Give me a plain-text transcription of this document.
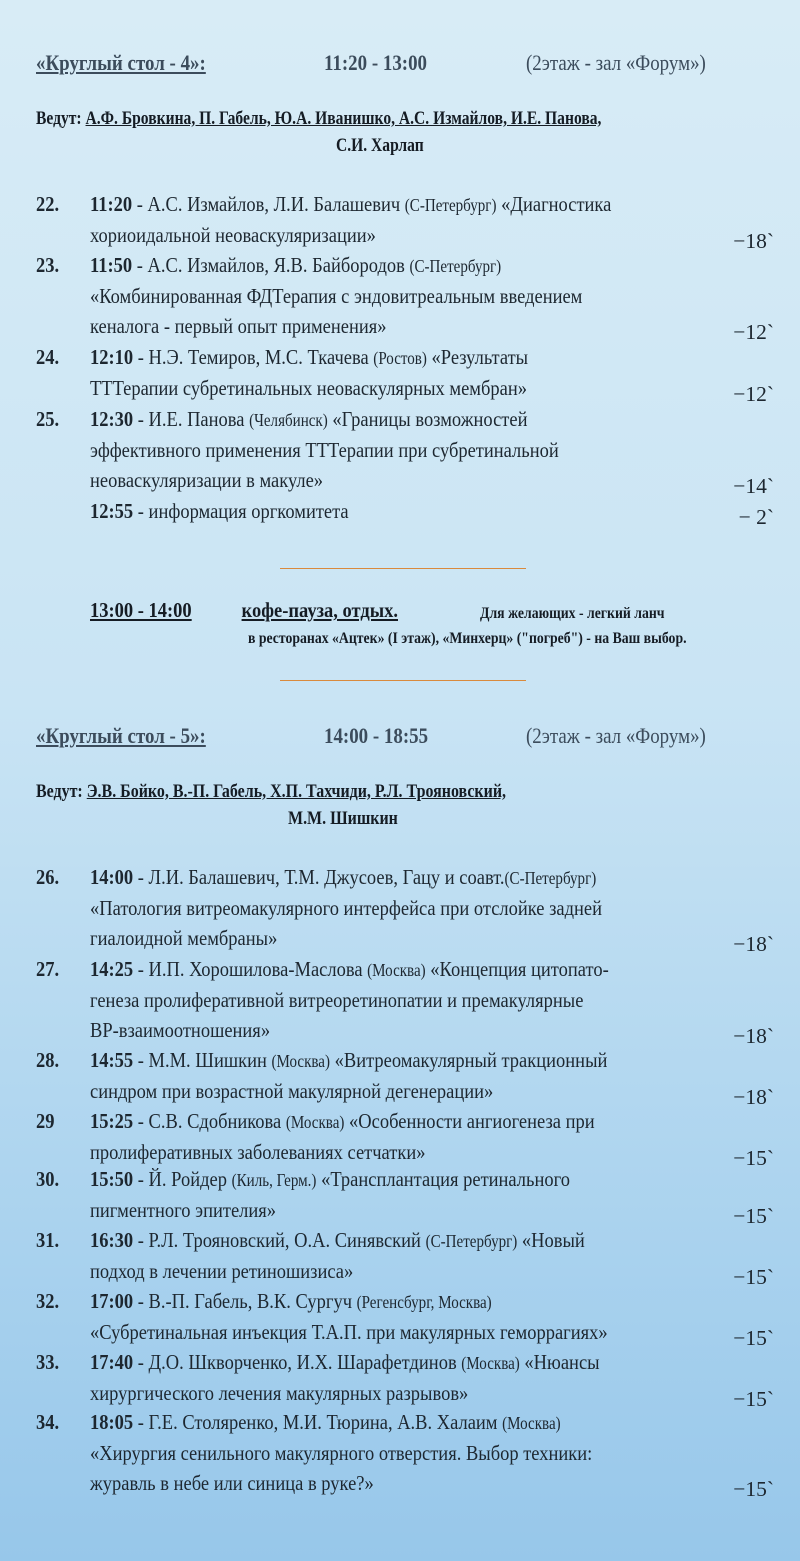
«Круглый стол - 4»:	11:20 - 13:00	(2этаж - зал «Форум»)
Ведут: А.Ф. Бровкина, П. Габель, Ю.А. Иванишко, А.С. Измайлов, И.Е. Панова,
С.И. Харлап
22. 11:20 - А.С. Измайлов, Л.И. Балашевич (С-Петербург) «Диагностика
хориоидальной неоваскуляризации»	−18`
23. 11:50 - А.С. Измайлов, Я.В. Байбородов (С-Петербург)
«Комбинированная ФДТерапия с эндовитреальным введением
кеналога - первый опыт применения»	−12`
24. 12:10 - Н.Э. Темиров, М.С. Ткачева (Ростов) «Результаты
ТТТерапии субретинальных неоваскулярных мембран»	−12`
25. 12:30 - И.Е. Панова (Челябинск) «Границы возможностей
эффективного применения ТТТерапии при субретинальной
неоваскуляризации в макуле»	−14`
12:55 - информация оргкомитета	− 2`
13:00 - 14:00 кофе-пауза, отдых.	Для желающих - легкий ланч
в ресторанах «Ацтек» (I этаж), «Минхерц» ("погреб") - на Ваш выбор.
«Круглый стол - 5»:	14:00 - 18:55	(2этаж - зал «Форум»)
Ведут: Э.В. Бойко, В.-П. Габель, Х.П. Тахчиди, Р.Л. Трояновский,
М.М. Шишкин
26. 14:00 - Л.И. Балашевич, Т.М. Джусоев, Гацу и соавт.(С-Петербург)
«Патология витреомакулярного интерфейса при отслойке задней
гиалоидной мембраны»	−18`
27. 14:25 - И.П. Хорошилова-Маслова (Москва) «Концепция цитопато-
генеза пролиферативной витреоретинопатии и премакулярные
ВР-взаимоотношения»	−18`
28. 14:55 - М.М. Шишкин (Москва) «Витреомакулярный тракционный
синдром при возрастной макулярной дегенерации»	−18`
29 15:25 - С.В. Сдобникова (Москва) «Особенности ангиогенеза при
пролиферативных заболеваниях сетчатки»	−15`
30. 15:50 - Й. Ройдер (Киль, Герм.) «Трансплантация ретинального
пигментного эпителия»	−15`
31. 16:30 - Р.Л. Трояновский, О.А. Синявский (С-Петербург) «Новый
подход в лечении ретиношизиса»	−15`
32. 17:00 - В.-П. Габель, В.К. Сургуч (Регенсбург, Москва)
«Субретинальная инъекция Т.А.П. при макулярных геморрагиях»	−15`
33. 17:40 - Д.О. Шкворченко, И.Х. Шарафетдинов (Москва) «Нюансы
хирургического лечения макулярных разрывов»	−15`
34. 18:05 - Г.Е. Столяренко, М.И. Тюрина, А.В. Халаим (Москва)
«Хирургия сенильного макулярного отверстия. Выбор техники:
журавль в небе или синица в руке?»	−15`
